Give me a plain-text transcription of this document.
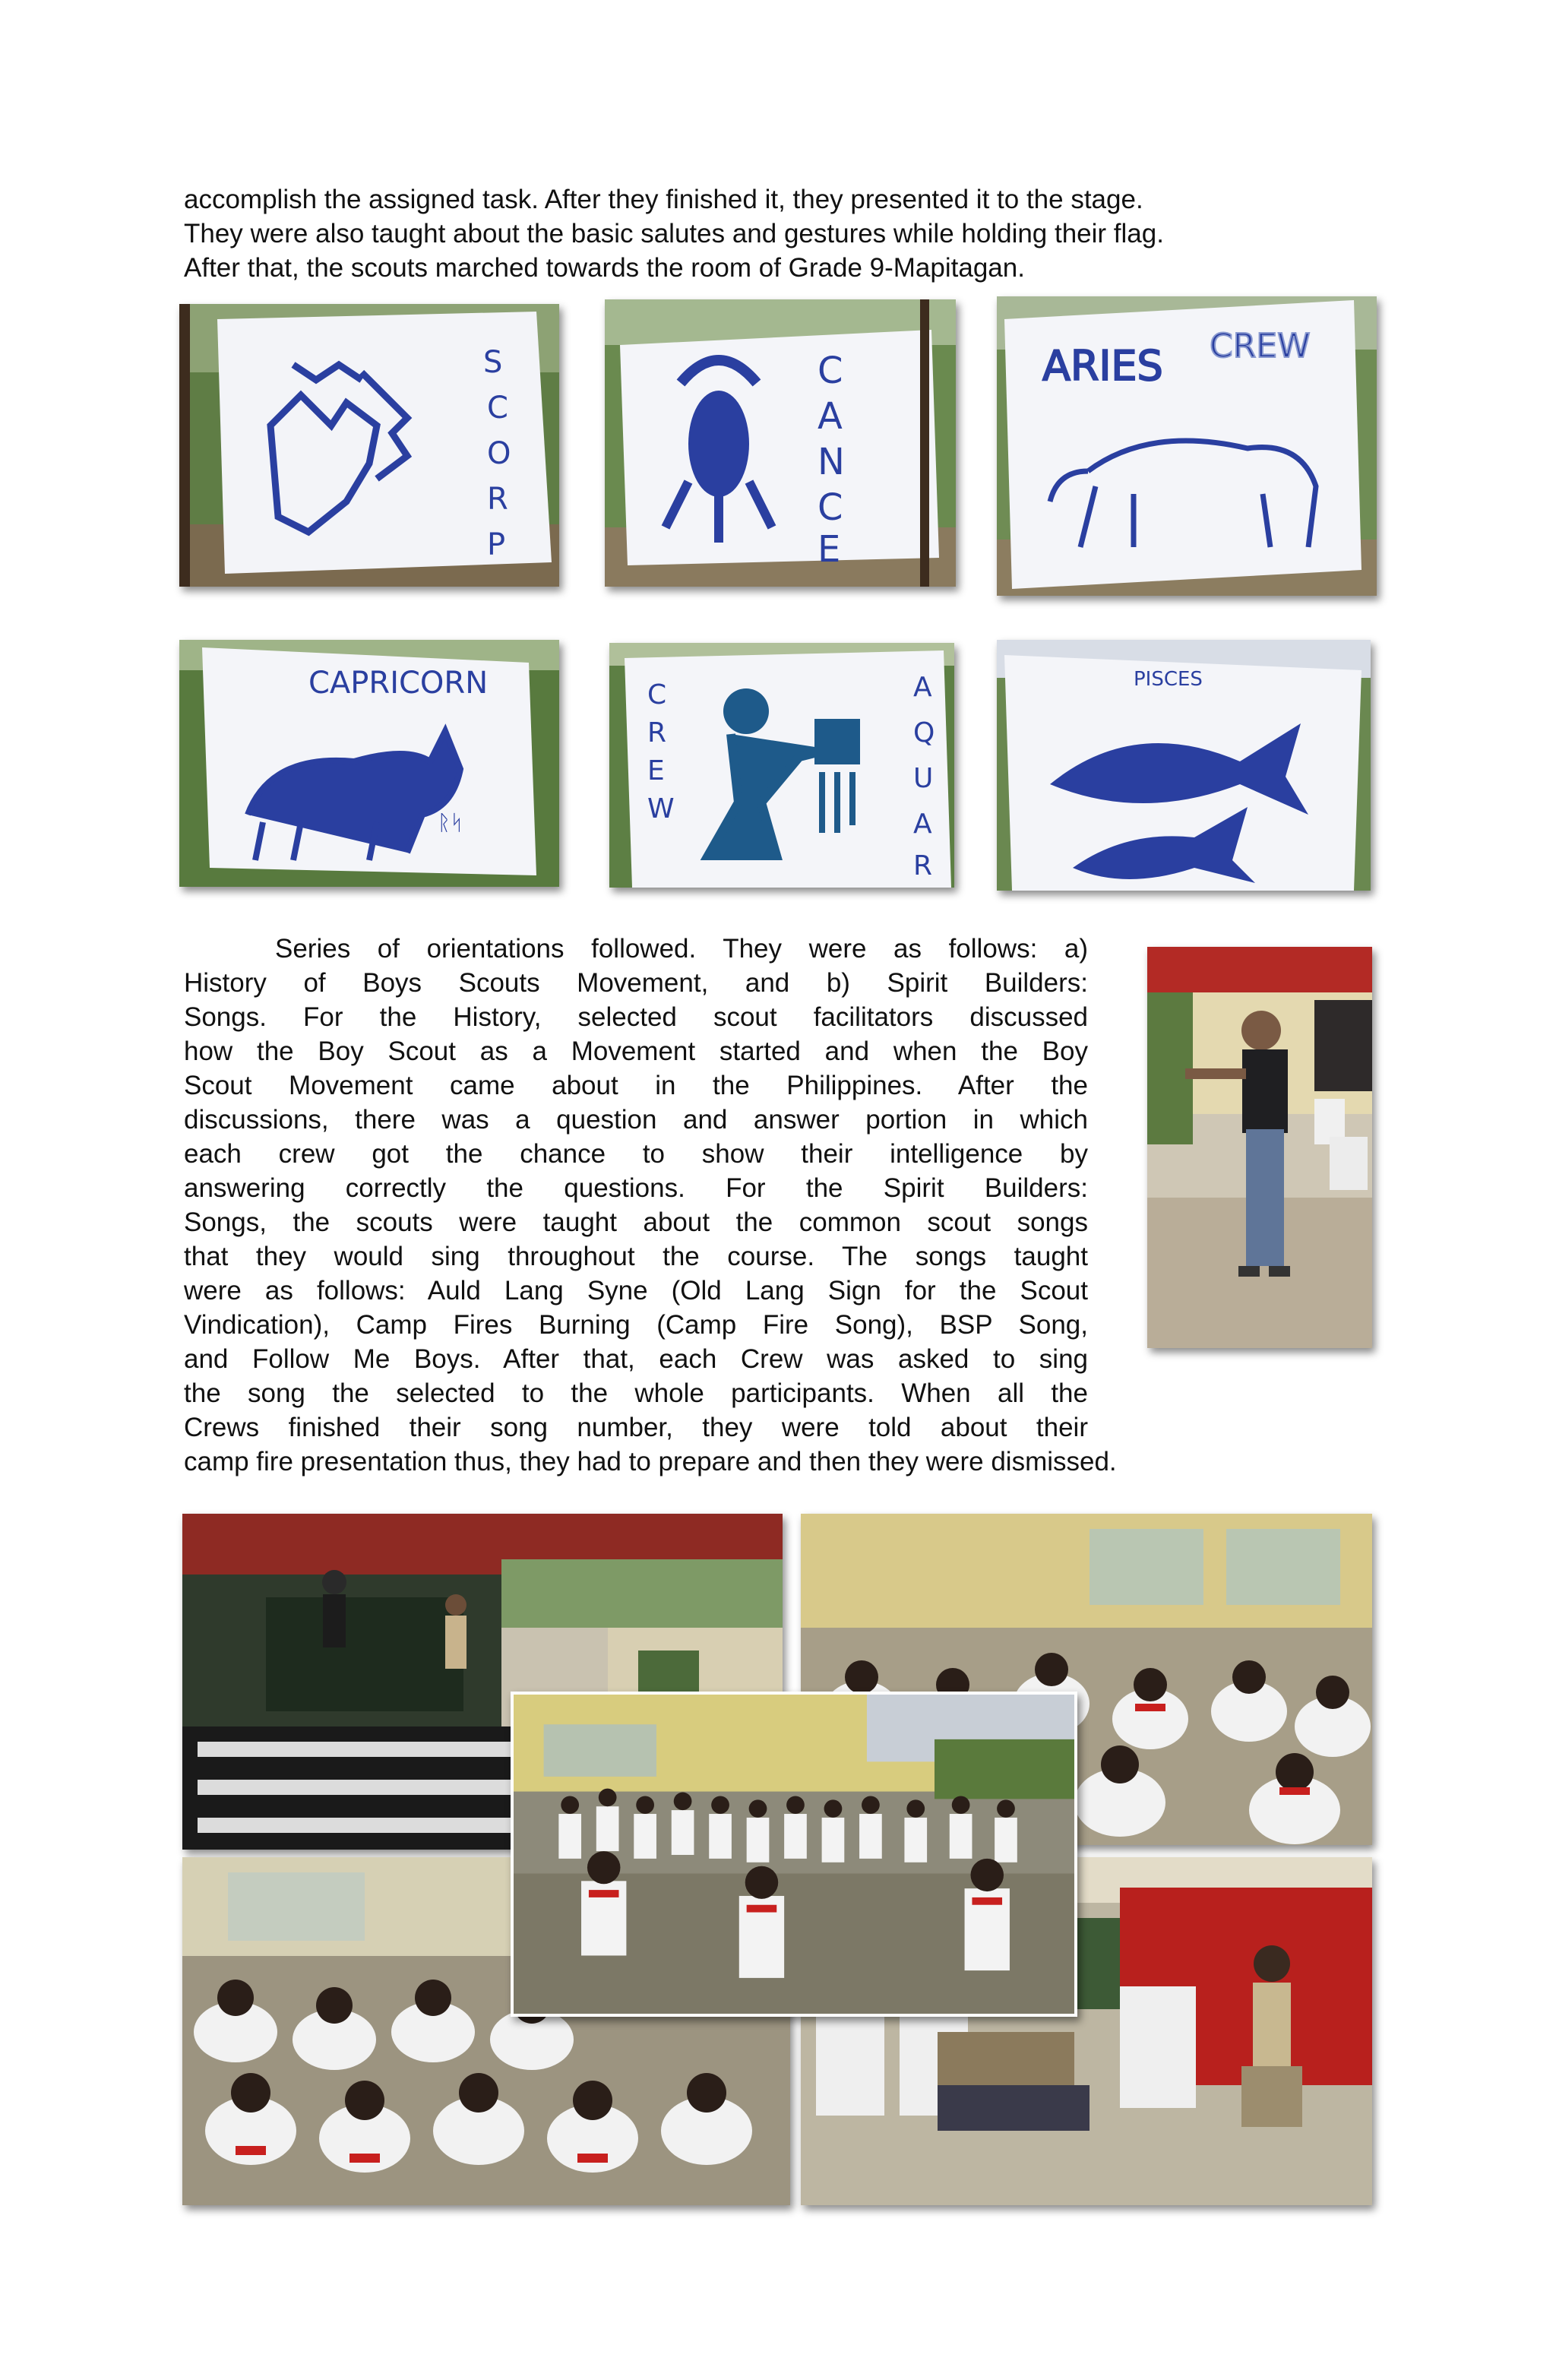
accomplish the assigned task. After they finished it, they presented it to the stage.
They were also taught about the basic salutes and gestures while holding their flag.
After that, the scouts marched towards the room of Grade 9-Mapitagan.
S
C
O
R
P
C
A
N
C
E
ARIES CREW
CAPRICORN
ᚱᛋ
C
R
E
W
A
Q
U
A
R
PISCES
Series of orientations followed. They were as follows: a)
History of Boys Scouts Movement, and b) Spirit Builders:
Songs. For the History, selected scout facilitators discussed
how the Boy Scout as a Movement started and when the Boy
Scout Movement came about in the Philippines. After the
discussions, there was a question and answer portion in which
each crew got the chance to show their intelligence by
answering correctly the questions. For the Spirit Builders:
Songs, the scouts were taught about the common scout songs
that they would sing throughout the course. The songs taught
were as follows: Auld Lang Syne (Old Lang Sign for the Scout
Vindication), Camp Fires Burning (Camp Fire Song), BSP Song,
and Follow Me Boys. After that, each Crew was asked to sing
the song the selected to the whole participants. When all the
Crews finished their song number, they were told about their
camp fire presentation thus, they had to prepare and then they were dismissed.
